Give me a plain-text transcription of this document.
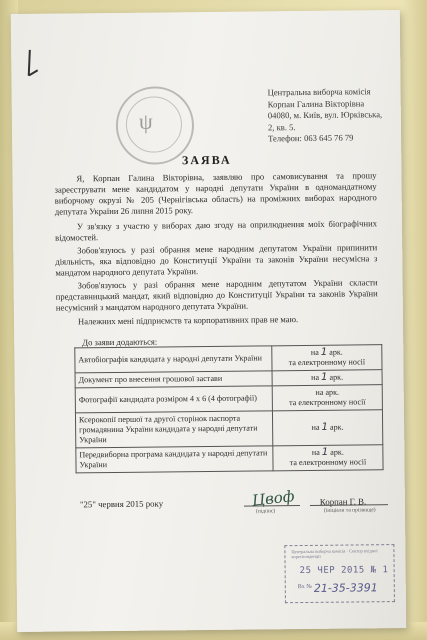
ψ
Центральна виборча комісія
Корпан Галина Вікторівна
04080, м. Київ, вул. Юрківська,
2, кв. 5.
Телефон: 063 645 76 79
ЗАЯВА
Я, Корпан Галина Вікторівна, заявляю про самовисування та прошу зареєструвати мене кандидатом у народні депутати України в одномандатному виборчому окрузі № 205 (Чернігівська область) на проміжних виборах народного депутата України 26 липня 2015 року.
У зв'язку з участю у виборах даю згоду на оприлюднення моїх біографічних відомостей.
Зобов'язуюсь у разі обрання мене народним депутатом України припинити діяльність, яка відповідно до Конституції України та законів України несумісна з мандатом народного депутата України.
Зобов'язуюсь у разі обрання мене народним депутатом України скласти представницький мандат, який відповідно до Конституції України та законів України несумісний з мандатом народного депутата України.
Належних мені підприємств та корпоративних прав не маю.
До заяви додаються:
Автобіографія кандидата у народні депутати України	на 1 арк.
та електронному носії
Документ про внесення грошової застави	на 1 арк.
Фотографії кандидата розміром 4 х 6 (4 фотографії)	на арк.
та електронному носії
Ксерокопії першої та другої сторінок паспорта громадянина України кандидата у народні депутати України	на 1 арк.
Передвиборна програма кандидата у народні депутати України	на 1 арк.
та електронному носії
"25" червня 2015 року	Цвоф
(підпис)
Корпан Г. В.
(ініціали та прізвище)
Центральна виборча комісія · Сектор вхідної кореспонденції
25 ЧЕР 2015 № 1
Вх № 21-35-3391
